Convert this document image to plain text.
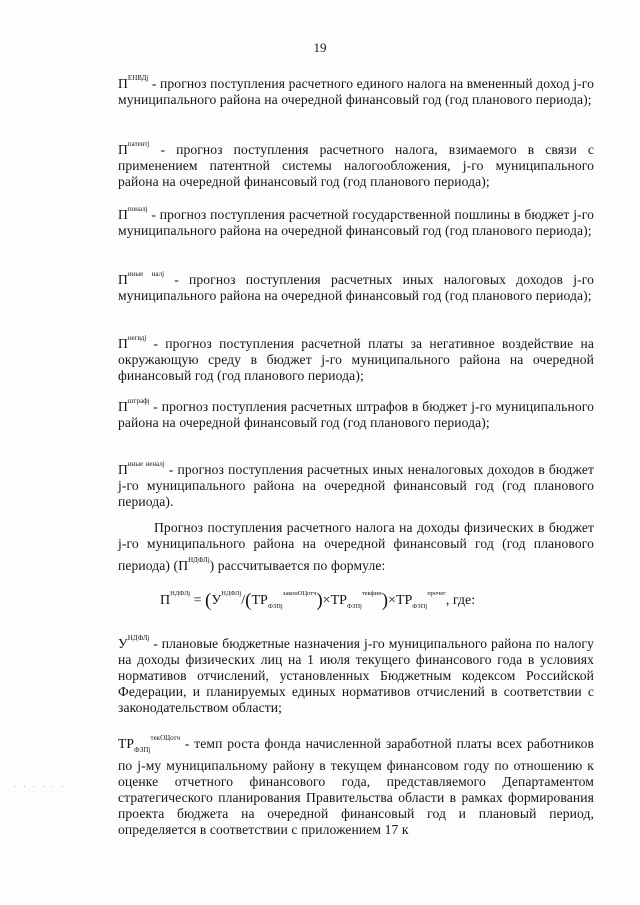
19
$П^{ЕНВДj}$ - прогноз поступления расчетного единого налога на вмененный доход j-го муниципального района на очередной финансовый год (год планового периода);
$П^{патентj}$ - прогноз поступления расчетного налога, взимаемого в связи с применением патентной системы налогообложения, j-го муниципального района на очередной финансовый год (год планового периода);
$П^{поналj}$ - прогноз поступления расчетной государственной пошлины в бюджет j-го муниципального района на очередной финансовый год (год планового периода);
$П^{иные налj}$ - прогноз поступления расчетных иных налоговых доходов j-го муниципального района на очередной финансовый год (год планового периода);
$П^{негвдj}$ - прогноз поступления расчетной платы за негативное воздействие на окружающую среду в бюджет j-го муниципального района на очередной финансовый год (год планового периода);
$П^{штрафj}$ - прогноз поступления расчетных штрафов в бюджет j-го муниципального района на очередной финансовый год (год планового периода);
$П^{иные неналj}$ - прогноз поступления расчетных иных неналоговых доходов в бюджет j-го муниципального района на очередной финансовый год (год планового периода).
Прогноз поступления расчетного налога на доходы физических в бюджет j-го муниципального района на очередной финансовый год (год планового периода) $(П^{НДФЛj})$ рассчитывается по формуле:
$П^{НДФЛj} = (У^{НДФЛj}/(ТР_{ФЗПj}^{законОЦотч})\times ТР_{ФЗПj}^{текфин})\times ТР_{ФЗПj}^{прочег}$, где:
$У^{НДФЛj}$ - плановые бюджетные назначения j-го муниципального района по налогу на доходы физических лиц на 1 июля текущего финансового года в условиях нормативов отчислений, установленных Бюджетным кодексом Российской Федерации, и планируемых единых нормативов отчислений в соответствии с законодательством области;
$ТР_{ФЗПj}^{текОЦотч}$ - темп роста фонда начисленной заработной платы всех работников по j-му муниципальному району в текущем финансовом году по отношению к оценке отчетного финансового года, представляемого Департаментом стратегического планирования Правительства области в рамках формирования проекта бюджета на очередной финансовый год и плановый период, определяется в соответствии с приложением 17 к
. . . . . .
